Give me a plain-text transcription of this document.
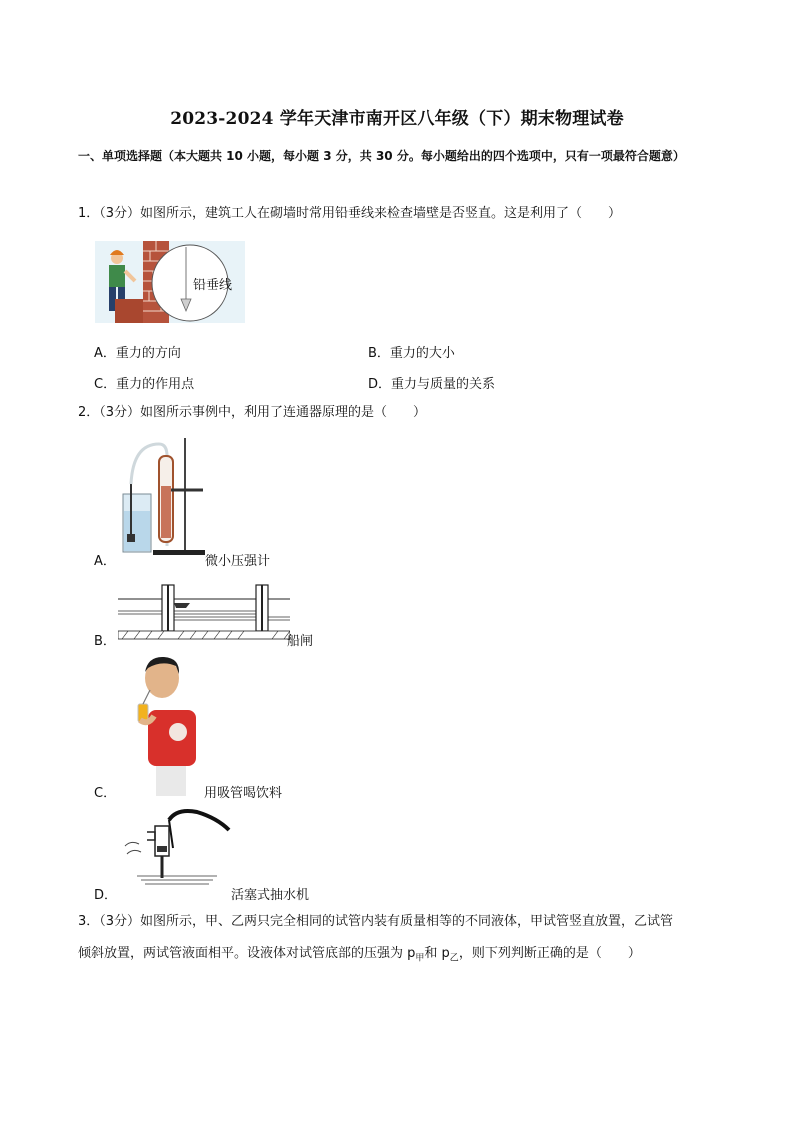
2023-2024 学年天津市南开区八年级（下）期末物理试卷
一、单项选择题（本大题共 10 小题，每小题 3 分，共 30 分。每小题给出的四个选项中，只有一项最符合题意）
1．（3分）如图所示，建筑工人在砌墙时常用铅垂线来检查墙壁是否竖直。这是利用了（　　）
铅垂线
A．重力的方向	B．重力的大小
C．重力的作用点	D．重力与质量的关系
2．（3分）如图所示事例中，利用了连通器原理的是（　　）
A．	微小压强计
B．	船闸
C．	用吸管喝饮料
D．	活塞式抽水机
3．（3分）如图所示，甲、乙两只完全相同的试管内装有质量相等的不同液体，甲试管竖直放置，乙试管
倾斜放置，两试管液面相平。设液体对试管底部的压强为 $p_甲$和 $p_乙$，则下列判断正确的是（　　）
